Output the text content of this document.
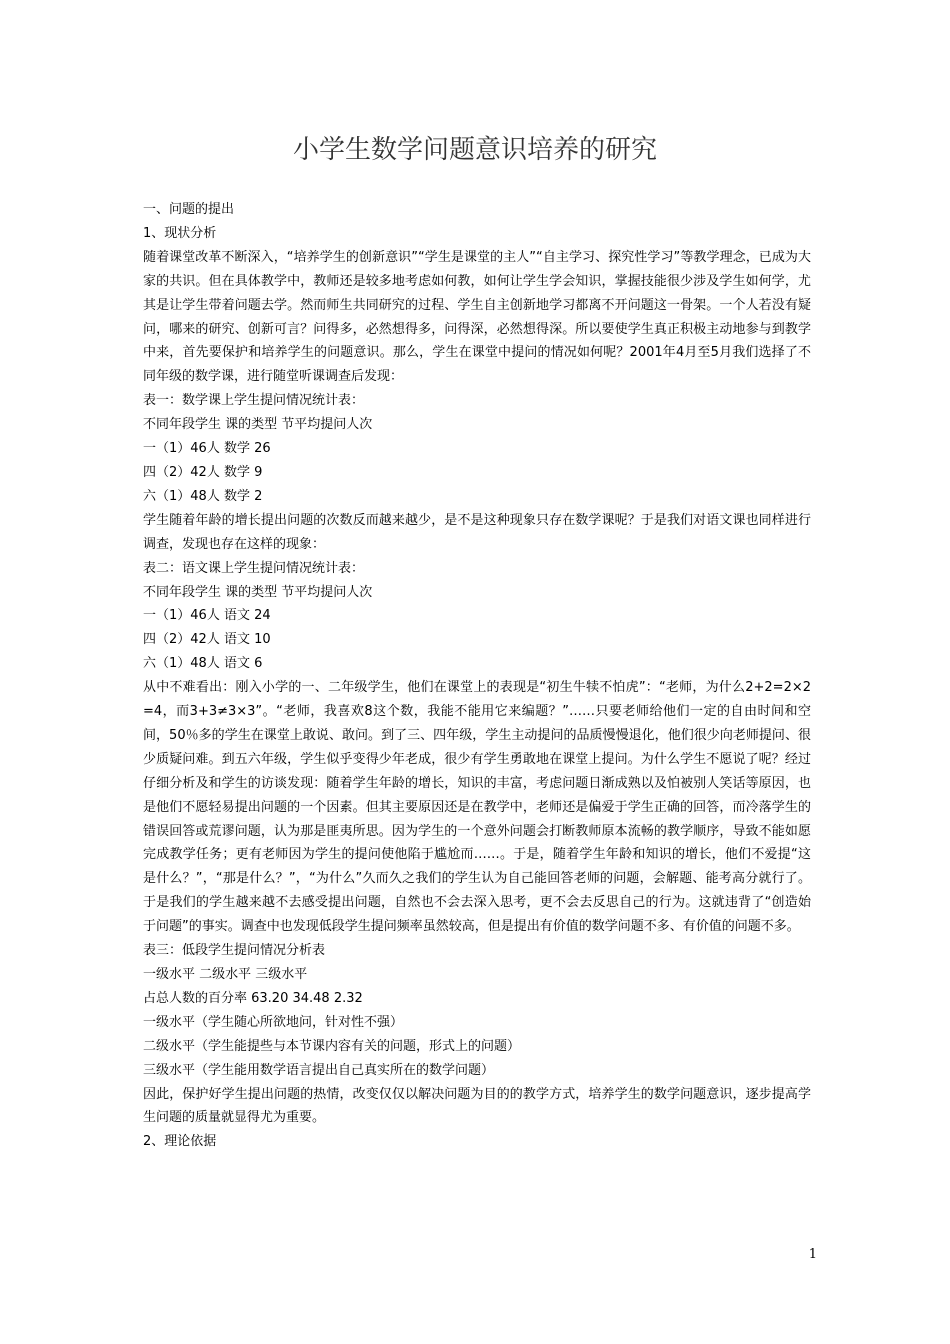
小学生数学问题意识培养的研究

一、问题的提出

1、现状分析

随着课堂改革不断深入，“培养学生的创新意识”“学生是课堂的主人”“自主学习、探究性学习”等教学理念，已成为大家的共识。但在具体教学中，教师还是较多地考虑如何教，如何让学生学会知识，掌握技能很少涉及学生如何学，尤其是让学生带着问题去学。然而师生共同研究的过程、学生自主创新地学习都离不开问题这一骨架。一个人若没有疑问，哪来的研究、创新可言？问得多，必然想得多，问得深，必然想得深。所以要使学生真正积极主动地参与到教学中来，首先要保护和培养学生的问题意识。那么，学生在课堂中提问的情况如何呢？2001年4月至5月我们选择了不同年级的数学课，进行随堂听课调查后发现：

表一：数学课上学生提问情况统计表：

不同年段学生 课的类型 节平均提问人次

一（1）46人 数学 26

四（2）42人 数学 9

六（1）48人 数学 2

学生随着年龄的增长提出问题的次数反而越来越少，是不是这种现象只存在数学课呢？于是我们对语文课也同样进行调查，发现也存在这样的现象：

表二：语文课上学生提问情况统计表：

不同年段学生 课的类型 节平均提问人次

一（1）46人 语文 24

四（2）42人 语文 10

六（1）48人 语文 6

从中不难看出：刚入小学的一、二年级学生，他们在课堂上的表现是“初生牛犊不怕虎”：“老师，为什么2+2=2×2=4，而3+3≠3×3”。“老师，我喜欢8这个数，我能不能用它来编题？”……只要老师给他们一定的自由时间和空间，50％多的学生在课堂上敢说、敢问。到了三、四年级，学生主动提问的品质慢慢退化，他们很少向老师提问、很少质疑问难。到五六年级，学生似乎变得少年老成，很少有学生勇敢地在课堂上提问。为什么学生不愿说了呢？经过仔细分析及和学生的访谈发现：随着学生年龄的增长，知识的丰富，考虑问题日渐成熟以及怕被别人笑话等原因，也是他们不愿轻易提出问题的一个因素。但其主要原因还是在教学中，老师还是偏爱于学生正确的回答，而冷落学生的错误回答或荒谬问题，认为那是匪夷所思。因为学生的一个意外问题会打断教师原本流畅的教学顺序，导致不能如愿完成教学任务；更有老师因为学生的提问使他陷于尴尬而……。于是，随着学生年龄和知识的增长，他们不爱提“这是什么？”，“那是什么？”，“为什么”久而久之我们的学生认为自己能回答老师的问题，会解题、能考高分就行了。于是我们的学生越来越不去感受提出问题，自然也不会去深入思考，更不会去反思自己的行为。这就违背了“创造始于问题”的事实。调查中也发现低段学生提问频率虽然较高，但是提出有价值的数学问题不多、有价值的问题不多。

表三：低段学生提问情况分析表

一级水平 二级水平 三级水平

占总人数的百分率 63.20 34.48 2.32

一级水平（学生随心所欲地问，针对性不强）

二级水平（学生能提些与本节课内容有关的问题，形式上的问题）

三级水平（学生能用数学语言提出自己真实所在的数学问题）

因此，保护好学生提出问题的热情，改变仅仅以解决问题为目的的教学方式，培养学生的数学问题意识，逐步提高学生问题的质量就显得尤为重要。

2、理论依据

1
